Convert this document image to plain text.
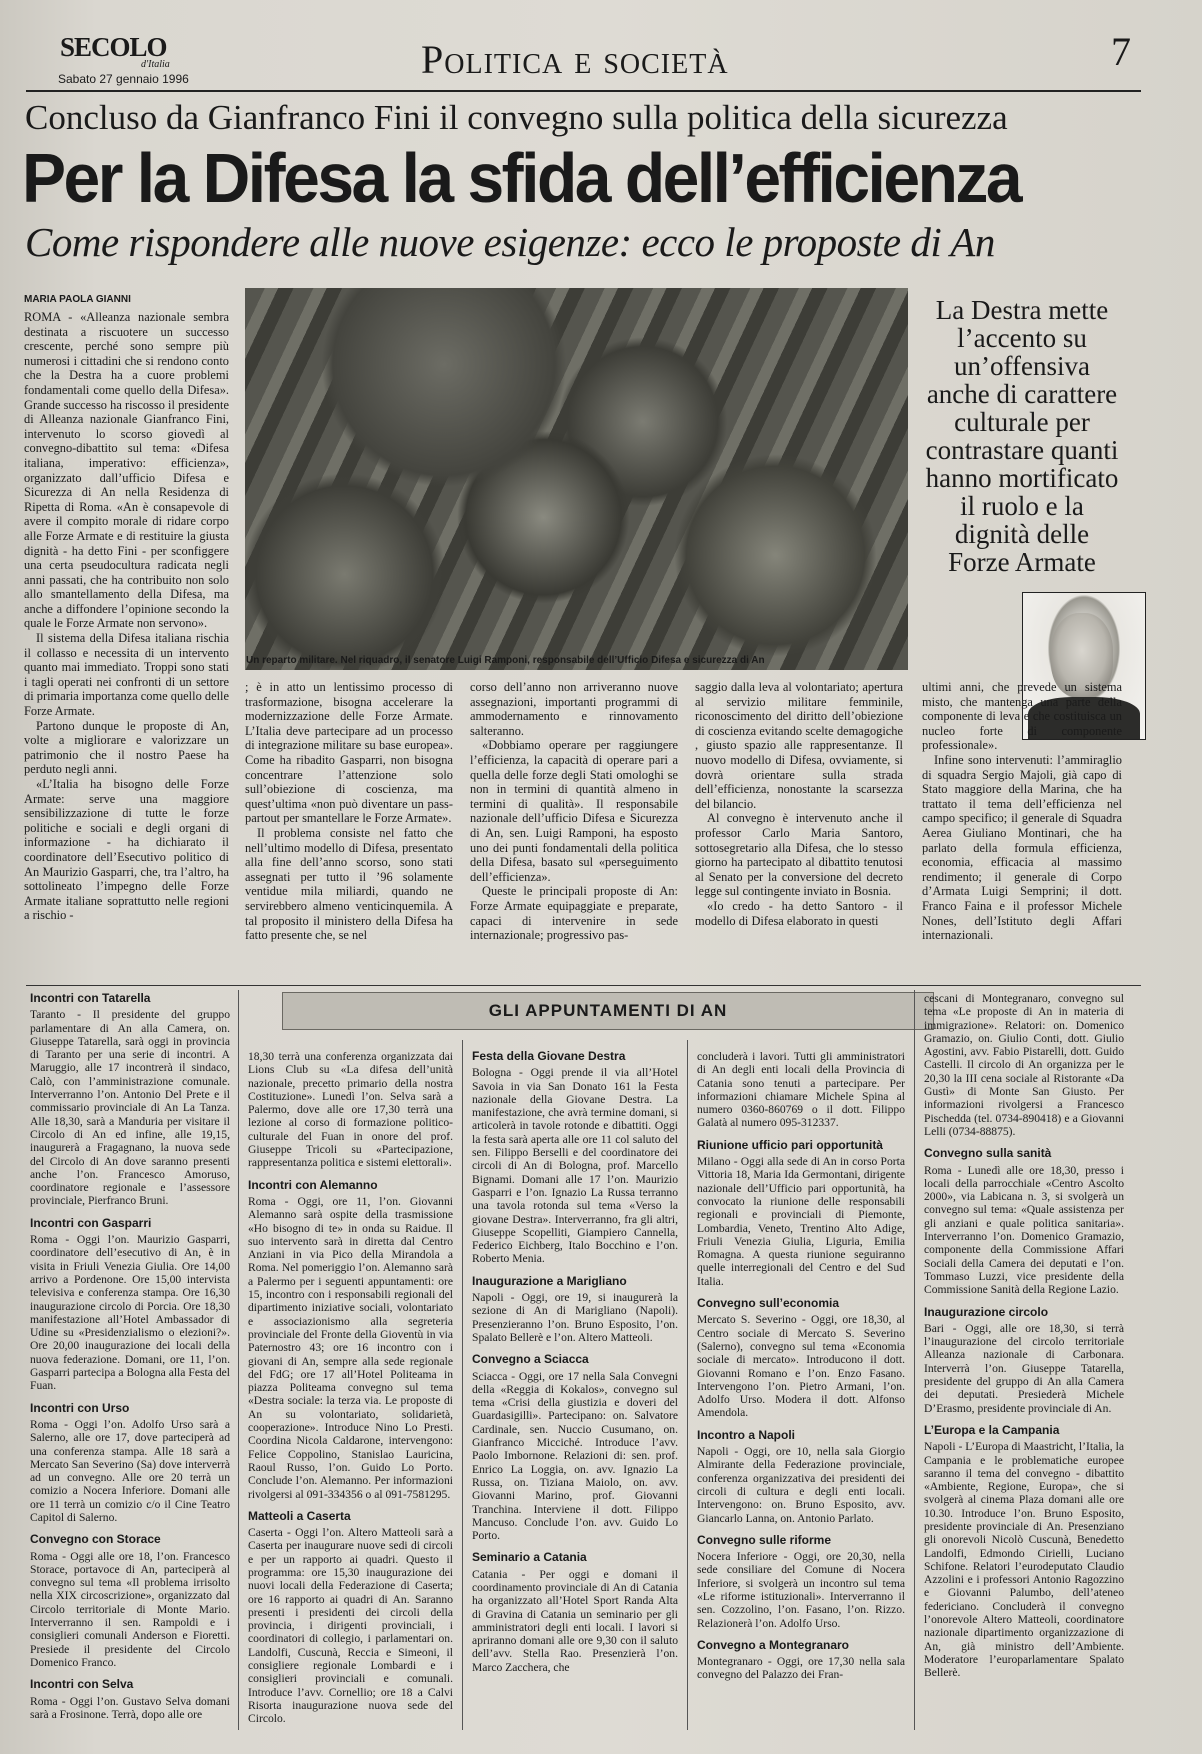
SECOLO
d'Italia
Sabato 27 gennaio 1996	Politica e società	7
Concluso da Gianfranco Fini il convegno sulla politica della sicurezza
Per la Difesa la sfida dell’efficienza
Come rispondere alle nuove esigenze: ecco le proposte di An
MARIA PAOLA GIANNI

ROMA - «Alleanza nazionale sembra destinata a riscuotere un successo crescente, perché sono sempre più numerosi i cittadini che si rendono conto che la Destra ha a cuore problemi fondamentali come quello della Difesa». Grande successo ha riscosso il presidente di Alleanza nazionale Gianfranco Fini, intervenuto lo scorso giovedì al convegno-dibattito sul tema: «Difesa italiana, imperativo: efficienza», organizzato dall’ufficio Difesa e Sicurezza di An nella Residenza di Ripetta di Roma. «An è consapevole di avere il compito morale di ridare corpo alle Forze Armate e di restituire la giusta dignità - ha detto Fini - per sconfiggere una certa pseudocultura radicata negli anni passati, che ha contribuito non solo allo smantellamento della Difesa, ma anche a diffondere l’opinione secondo la quale le Forze Armate non servono».

Il sistema della Difesa italiana rischia il collasso e necessita di un intervento quanto mai immediato. Troppi sono stati i tagli operati nei confronti di un settore di primaria importanza come quello delle Forze Armate.

Partono dunque le proposte di An, volte a migliorare e valorizzare un patrimonio che il nostro Paese ha perduto negli anni.

«L’Italia ha bisogno delle Forze Armate: serve una maggiore sensibilizzazione di tutte le forze politiche e sociali e degli organi di informazione - ha dichiarato il coordinatore dell’Esecutivo politico di An Maurizio Gasparri, che, tra l’altro, ha sottolineato l’impegno delle Forze Armate italiane soprattutto nelle regioni a rischio -

Un reparto militare. Nel riquadro, il senatore Luigi Ramponi, responsabile dell’Ufficio Difesa e sicurezza di An
La Destra mette l’accento su un’offensiva anche di carattere culturale per contrastare quanti hanno mortificato il ruolo e la dignità delle Forze Armate

; è in atto un lentissimo processo di trasformazione, bisogna accelerare la modernizzazione delle Forze Armate. L’Italia deve partecipare ad un processo di integrazione militare su base europea». Come ha ribadito Gasparri, non bisogna concentrare l’attenzione solo sull’obiezione di coscienza, ma quest’ultima «non può diventare un pass-partout per smantellare le Forze Armate».

Il problema consiste nel fatto che nell’ultimo modello di Difesa, presentato alla fine dell’anno scorso, sono stati assegnati per tutto il ’96 solamente ventidue mila miliardi, quando ne servirebbero almeno venticinquemila. A tal proposito il ministero della Difesa ha fatto presente che, se nel

corso dell’anno non arriveranno nuove assegnazioni, importanti programmi di ammodernamento e rinnovamento salteranno.

«Dobbiamo operare per raggiungere l’efficienza, la capacità di operare pari a quella delle forze degli Stati omologhi se non in termini di quantità almeno in termini di qualità». Il responsabile nazionale dell’ufficio Difesa e Sicurezza di An, sen. Luigi Ramponi, ha esposto uno dei punti fondamentali della politica della Difesa, basato sul «perseguimento dell’efficienza».

Queste le principali proposte di An: Forze Armate equipaggiate e preparate, capaci di intervenire in sede internazionale; progressivo pas-

saggio dalla leva al volontariato; apertura al servizio militare femminile, riconoscimento del diritto dell’obiezione di coscienza evitando scelte demagogiche , giusto spazio alle rappresentanze. Il nuovo modello di Difesa, ovviamente, si dovrà orientare sulla strada dell’efficienza, nonostante la scarsezza del bilancio.

Al convegno è intervenuto anche il professor Carlo Maria Santoro, sottosegretario alla Difesa, che lo stesso giorno ha partecipato al dibattito tenutosi al Senato per la conversione del decreto legge sul contingente inviato in Bosnia.

«Io credo - ha detto Santoro - il modello di Difesa elaborato in questi

ultimi anni, che prevede un sistema misto, che mantenga una parte della componente di leva e che costituisca un nucleo forte di componente professionale».

Infine sono intervenuti: l’ammiraglio di squadra Sergio Majoli, già capo di Stato maggiore della Marina, che ha trattato il tema dell’efficienza nel campo specifico; il generale di Squadra Aerea Giuliano Montinari, che ha parlato della formula efficienza, economia, efficacia al massimo rendimento; il generale di Corpo d’Armata Luigi Semprini; il dott. Franco Faina e il professor Michele Nones, dell’Istituto degli Affari internazionali.

GLI APPUNTAMENTI DI AN
Incontri con Tatarella

Taranto - Il presidente del gruppo parlamentare di An alla Camera, on. Giuseppe Tatarella, sarà oggi in provincia di Taranto per una serie di incontri. A Maruggio, alle 17 incontrerà il sindaco, Calò, con l’amministrazione comunale. Interverranno l’on. Antonio Del Prete e il commissario provinciale di An La Tanza. Alle 18,30, sarà a Manduria per visitare il Circolo di An ed infine, alle 19,15, inaugurerà a Fragagnano, la nuova sede del Circolo di An dove saranno presenti anche l’on. Francesco Amoruso, coordinatore regionale e l’assessore provinciale, Pierfranco Bruni.

Incontri con Gasparri

Roma - Oggi l’on. Maurizio Gasparri, coordinatore dell’esecutivo di An, è in visita in Friuli Venezia Giulia. Ore 14,00 arrivo a Pordenone. Ore 15,00 intervista televisiva e conferenza stampa. Ore 16,30 inaugurazione circolo di Porcia. Ore 18,30 manifestazione all’Hotel Ambassador di Udine su «Presidenzialismo o elezioni?». Ore 20,00 inaugurazione dei locali della nuova federazione. Domani, ore 11, l’on. Gasparri partecipa a Bologna alla Festa del Fuan.

Incontri con Urso

Roma - Oggi l’on. Adolfo Urso sarà a Salerno, alle ore 17, dove parteciperà ad una conferenza stampa. Alle 18 sarà a Mercato San Severino (Sa) dove interverrà ad un convegno. Alle ore 20 terrà un comizio a Nocera Inferiore. Domani alle ore 11 terrà un comizio c/o il Cine Teatro Capitol di Salerno.

Convegno con Storace

Roma - Oggi alle ore 18, l’on. Francesco Storace, portavoce di An, parteciperà al convegno sul tema «Il problema irrisolto nella XIX circoscrizione», organizzato dal Circolo territoriale di Monte Mario. Interverranno il sen. Rampoldi e i consiglieri comunali Anderson e Fioretti. Presiede il presidente del Circolo Domenico Franco.

Incontri con Selva

Roma - Oggi l’on. Gustavo Selva domani sarà a Frosinone. Terrà, dopo alle ore

18,30 terrà una conferenza organizzata dai Lions Club su «La difesa dell’unità nazionale, precetto primario della nostra Costituzione». Lunedì l’on. Selva sarà a Palermo, dove alle ore 17,30 terrà una lezione al corso di formazione politico-culturale del Fuan in onore del prof. Giuseppe Tricoli su «Partecipazione, rappresentanza politica e sistemi elettorali».

Incontri con Alemanno

Roma - Oggi, ore 11, l’on. Giovanni Alemanno sarà ospite della trasmissione «Ho bisogno di te» in onda su Raidue. Il suo intervento sarà in diretta dal Centro Anziani in via Pico della Mirandola a Roma. Nel pomeriggio l’on. Alemanno sarà a Palermo per i seguenti appuntamenti: ore 15, incontro con i responsabili regionali del dipartimento iniziative sociali, volontariato e associazionismo alla segreteria provinciale del Fronte della Gioventù in via Paternostro 43; ore 16 incontro con i giovani di An, sempre alla sede regionale del FdG; ore 17 all’Hotel Politeama in piazza Politeama convegno sul tema «Destra sociale: la terza via. Le proposte di An su volontariato, solidarietà, cooperazione». Introduce Nino Lo Presti. Coordina Nicola Caldarone, intervengono: Felice Coppolino, Stanislao Lauricina, Raoul Russo, l’on. Guido Lo Porto. Conclude l’on. Alemanno. Per informazioni rivolgersi al 091-334356 o al 091-7581295.

Matteoli a Caserta

Caserta - Oggi l’on. Altero Matteoli sarà a Caserta per inaugurare nuove sedi di circoli e per un rapporto ai quadri. Questo il programma: ore 15,30 inaugurazione dei nuovi locali della Federazione di Caserta; ore 16 rapporto ai quadri di An. Saranno presenti i presidenti dei circoli della provincia, i dirigenti provinciali, i coordinatori di collegio, i parlamentari on. Landolfi, Cuscunà, Reccia e Simeoni, il consigliere regionale Lombardi e i consiglieri provinciali e comunali. Introduce l’avv. Cornellio; ore 18 a Calvi Risorta inaugurazione nuova sede del Circolo.

Festa della Giovane Destra

Bologna - Oggi prende il via all’Hotel Savoia in via San Donato 161 la Festa nazionale della Giovane Destra. La manifestazione, che avrà termine domani, si articolerà in tavole rotonde e dibattiti. Oggi la festa sarà aperta alle ore 11 col saluto del sen. Filippo Berselli e del coordinatore dei circoli di An di Bologna, prof. Marcello Bignami. Domani alle 17 l’on. Maurizio Gasparri e l’on. Ignazio La Russa terranno una tavola rotonda sul tema «Verso la giovane Destra». Interverranno, fra gli altri, Giuseppe Scopelliti, Giampiero Cannella, Federico Eichberg, Italo Bocchino e l’on. Roberto Menia.

Inaugurazione a Marigliano

Napoli - Oggi, ore 19, si inaugurerà la sezione di An di Marigliano (Napoli). Presenzieranno l’on. Bruno Esposito, l’on. Spalato Bellerè e l’on. Altero Matteoli.

Convegno a Sciacca

Sciacca - Oggi, ore 17 nella Sala Convegni della «Reggia di Kokalos», convegno sul tema «Crisi della giustizia e doveri del Guardasigilli». Partecipano: on. Salvatore Cardinale, sen. Nuccio Cusumano, on. Gianfranco Micciché. Introduce l’avv. Paolo Imbornone. Relazioni di: sen. prof. Enrico La Loggia, on. avv. Ignazio La Russa, on. Tiziana Maiolo, on. avv. Giovanni Marino, prof. Giovanni Tranchina. Interviene il dott. Filippo Mancuso. Conclude l’on. avv. Guido Lo Porto.

Seminario a Catania

Catania - Per oggi e domani il coordinamento provinciale di An di Catania ha organizzato all’Hotel Sport Randa Alta di Gravina di Catania un seminario per gli amministratori degli enti locali. I lavori si apriranno domani alle ore 9,30 con il saluto dell’avv. Stella Rao. Presenzierà l’on. Marco Zacchera, che

concluderà i lavori. Tutti gli amministratori di An degli enti locali della Provincia di Catania sono tenuti a partecipare. Per informazioni chiamare Michele Spina al numero 0360-860769 o il dott. Filippo Galatà al numero 095-312337.

Riunione ufficio pari opportunità

Milano - Oggi alla sede di An in corso Porta Vittoria 18, Maria Ida Germontani, dirigente nazionale dell’Ufficio pari opportunità, ha convocato la riunione delle responsabili regionali e provinciali di Piemonte, Lombardia, Veneto, Trentino Alto Adige, Friuli Venezia Giulia, Liguria, Emilia Romagna. A questa riunione seguiranno quelle interregionali del Centro e del Sud Italia.

Convegno sull’economia

Mercato S. Severino - Oggi, ore 18,30, al Centro sociale di Mercato S. Severino (Salerno), convegno sul tema «Economia sociale di mercato». Introducono il dott. Giovanni Romano e l’on. Enzo Fasano. Intervengono l’on. Pietro Armani, l’on. Adolfo Urso. Modera il dott. Alfonso Amendola.

Incontro a Napoli

Napoli - Oggi, ore 10, nella sala Giorgio Almirante della Federazione provinciale, conferenza organizzativa dei presidenti dei circoli di cultura e degli enti locali. Intervengono: on. Bruno Esposito, avv. Giancarlo Lanna, on. Antonio Parlato.

Convegno sulle riforme

Nocera Inferiore - Oggi, ore 20,30, nella sede consiliare del Comune di Nocera Inferiore, si svolgerà un incontro sul tema «Le riforme istituzionali». Interverranno il sen. Cozzolino, l’on. Fasano, l’on. Rizzo. Relazionerà l’on. Adolfo Urso.

Convegno a Montegranaro

Montegranaro - Oggi, ore 17,30 nella sala convegno del Palazzo dei Fran-

cescani di Montegranaro, convegno sul tema «Le proposte di An in materia di immigrazione». Relatori: on. Domenico Gramazio, on. Giulio Conti, dott. Giulio Agostini, avv. Fabio Pistarelli, dott. Guido Castelli. Il circolo di An organizza per le 20,30 la III cena sociale al Ristorante «Da Gustì» di Monte San Giusto. Per informazioni rivolgersi a Francesco Pischedda (tel. 0734-890418) e a Giovanni Lelli (0734-88875).

Convegno sulla sanità

Roma - Lunedì alle ore 18,30, presso i locali della parrocchiale «Centro Ascolto 2000», via Labicana n. 3, si svolgerà un convegno sul tema: «Quale assistenza per gli anziani e quale politica sanitaria». Interverranno l’on. Domenico Gramazio, componente della Commissione Affari Sociali della Camera dei deputati e l’on. Tommaso Luzzi, vice presidente della Commissione Sanità della Regione Lazio.

Inaugurazione circolo

Bari - Oggi, alle ore 18,30, si terrà l’inaugurazione del circolo territoriale Alleanza nazionale di Carbonara. Interverrà l’on. Giuseppe Tatarella, presidente del gruppo di An alla Camera dei deputati. Presiederà Michele D’Erasmo, presidente provinciale di An.

L’Europa e la Campania

Napoli - L’Europa di Maastricht, l’Italia, la Campania e le problematiche europee saranno il tema del convegno - dibattito «Ambiente, Regione, Europa», che si svolgerà al cinema Plaza domani alle ore 10.30. Introduce l’on. Bruno Esposito, presidente provinciale di An. Presenziano gli onorevoli Nicolò Cuscunà, Benedetto Landolfi, Edmondo Cirielli, Luciano Schifone. Relatori l’eurodeputato Claudio Azzolini e i professori Antonio Ragozzino e Giovanni Palumbo, dell’ateneo federiciano. Concluderà il convegno l’onorevole Altero Matteoli, coordinatore nazionale dipartimento organizzazione di An, già ministro dell’Ambiente. Moderatore l’europarlamentare Spalato Bellerè.
